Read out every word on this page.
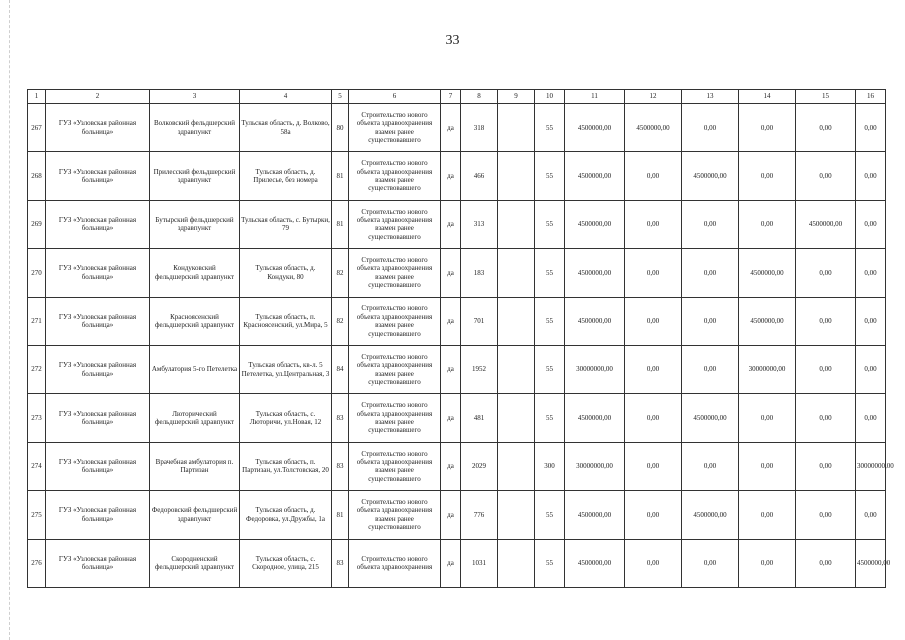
33
1	2	3	4	5	6	7	8	9	10	11	12	13	14	15	16
267	ГУЗ «Узловская районная больница»	Волковский фельдшерский здравпункт	Тульская область, д. Волково, 58а	80	Строительство нового объекта здравоохранения взамен ранее существовавшего	да	318		55	4500000,00	4500000,00	0,00	0,00	0,00	0,00
268	ГУЗ «Узловская районная больница»	Прилесский фельдшерский здравпункт	Тульская область, д. Прилесье, без номера	81	Строительство нового объекта здравоохранения взамен ранее существовавшего	да	466		55	4500000,00	0,00	4500000,00	0,00	0,00	0,00
269	ГУЗ «Узловская районная больница»	Бутырский фельдшерский здравпункт	Тульская область, с. Бутырки, 79	81	Строительство нового объекта здравоохранения взамен ранее существовавшего	да	313		55	4500000,00	0,00	0,00	0,00	4500000,00	0,00
270	ГУЗ «Узловская районная больница»	Кондуковский фельдшерский здравпункт	Тульская область, д. Кондуки, 80	82	Строительство нового объекта здравоохранения взамен ранее существовавшего	да	183		55	4500000,00	0,00	0,00	4500000,00	0,00	0,00
271	ГУЗ «Узловская районная больница»	Красноясенский фельдшерский здравпункт	Тульская область, п. Красноясенский, ул.Мира, 5	82	Строительство нового объекта здравоохранения взамен ранее существовавшего	да	701		55	4500000,00	0,00	0,00	4500000,00	0,00	0,00
272	ГУЗ «Узловская районная больница»	Амбулатория 5-го Петелетка	Тульская область, кв-л. 5 Петелетка, ул.Центральная, 3	84	Строительство нового объекта здравоохранения взамен ранее существовавшего	да	1952		55	30000000,00	0,00	0,00	30000000,00	0,00	0,00
273	ГУЗ «Узловская районная больница»	Люторический фельдшерский здравпункт	Тульская область, с. Люторичи, ул.Новая, 12	83	Строительство нового объекта здравоохранения взамен ранее существовавшего	да	481		55	4500000,00	0,00	4500000,00	0,00	0,00	0,00
274	ГУЗ «Узловская районная больница»	Врачебная амбулатория п. Партизан	Тульская область, п. Партизан, ул.Толстовская, 20	83	Строительство нового объекта здравоохранения взамен ранее существовавшего	да	2029		300	30000000,00	0,00	0,00	0,00	0,00	30000000,00
275	ГУЗ «Узловская районная больница»	Федоровский фельдшерский здравпункт	Тульская область, д. Федоровка, ул.Дружбы, 1а	81	Строительство нового объекта здравоохранения взамен ранее существовавшего	да	776		55	4500000,00	0,00	4500000,00	0,00	0,00	0,00
276	ГУЗ «Узловская районная больница»	Скородненский фельдшерский здравпункт	Тульская область, с. Скородное, улица, 215	83	Строительство нового объекта здравоохранения	да	1031		55	4500000,00	0,00	0,00	0,00	0,00	4500000,00
